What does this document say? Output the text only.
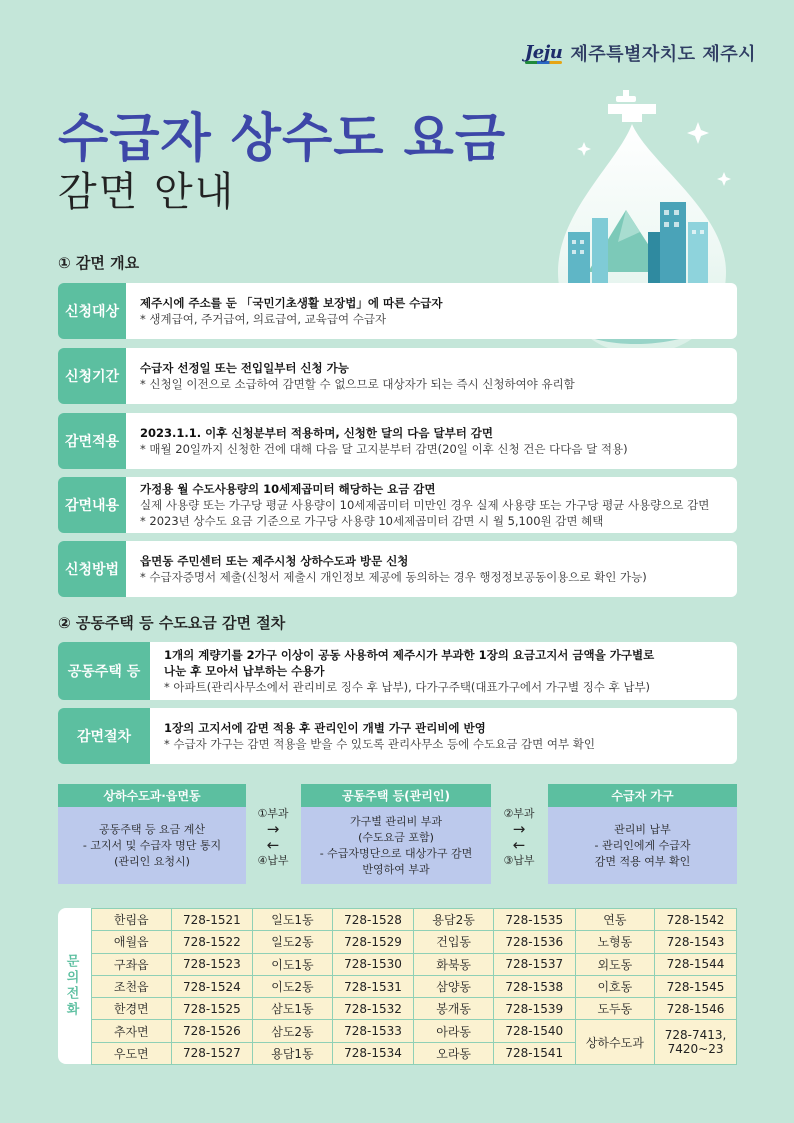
Jeju 제주특별자치도 제주시
수급자 상수도 요금
감면 안내
① 감면 개요
신청대상
제주시에 주소를 둔 「국민기초생활 보장법」에 따른 수급자
* 생계급여, 주거급여, 의료급여, 교육급여 수급자
신청기간
수급자 선정일 또는 전입일부터 신청 가능
* 신청일 이전으로 소급하여 감면할 수 없으므로 대상자가 되는 즉시 신청하여야 유리함
감면적용
2023.1.1. 이후 신청분부터 적용하며, 신청한 달의 다음 달부터 감면
* 매월 20일까지 신청한 건에 대해 다음 달 고지분부터 감면(20일 이후 신청 건은 다다음 달 적용)
감면내용
가정용 월 수도사용량의 10세제곱미터 해당하는 요금 감면
실제 사용량 또는 가구당 평균 사용량이 10세제곱미터 미만인 경우 실제 사용량 또는 가구당 평균 사용량으로 감면
* 2023년 상수도 요금 기준으로 가구당 사용량 10세제곱미터 감면 시 월 5,100원 감면 혜택
신청방법
읍면동 주민센터 또는 제주시청 상하수도과 방문 신청
* 수급자증명서 제출(신청서 제출시 개인정보 제공에 동의하는 경우 행정정보공동이용으로 확인 가능)
② 공동주택 등 수도요금 감면 절차
공동주택 등
1개의 계량기를 2가구 이상이 공동 사용하여 제주시가 부과한 1장의 요금고지서 금액을 가구별로
나눈 후 모아서 납부하는 수용가
* 아파트(관리사무소에서 관리비로 징수 후 납부), 다가구주택(대표가구에서 가구별 징수 후 납부)
감면절차
1장의 고지서에 감면 적용 후 관리인이 개별 가구 관리비에 반영
* 수급자 가구는 감면 적용을 받을 수 있도록 관리사무소 등에 수도요금 감면 여부 확인
상하수도과·읍면동
공동주택 등 요금 계산
- 고지서 및 수급자 명단 통지
(관리인 요청시)
①부과
→
←
④납부
공동주택 등(관리인)
가구별 관리비 부과
(수도요금 포함)
- 수급자명단으로 대상가구 감면
반영하여 부과
②부과
→
←
③납부
수급자 가구
관리비 납부
- 관리인에게 수급자
감면 적용 여부 확인
문의전화
한림읍	728-1521	일도1동	728-1528	용담2동	728-1535	연동	728-1542
애월읍	728-1522	일도2동	728-1529	건입동	728-1536	노형동	728-1543
구좌읍	728-1523	이도1동	728-1530	화북동	728-1537	외도동	728-1544
조천읍	728-1524	이도2동	728-1531	삼양동	728-1538	이호동	728-1545
한경면	728-1525	삼도1동	728-1532	봉개동	728-1539	도두동	728-1546
추자면	728-1526	삼도2동	728-1533	아라동	728-1540	상하수도과	728-7413,
7420~23

우도면	728-1527	용담1동	728-1534	오라동	728-1541		
